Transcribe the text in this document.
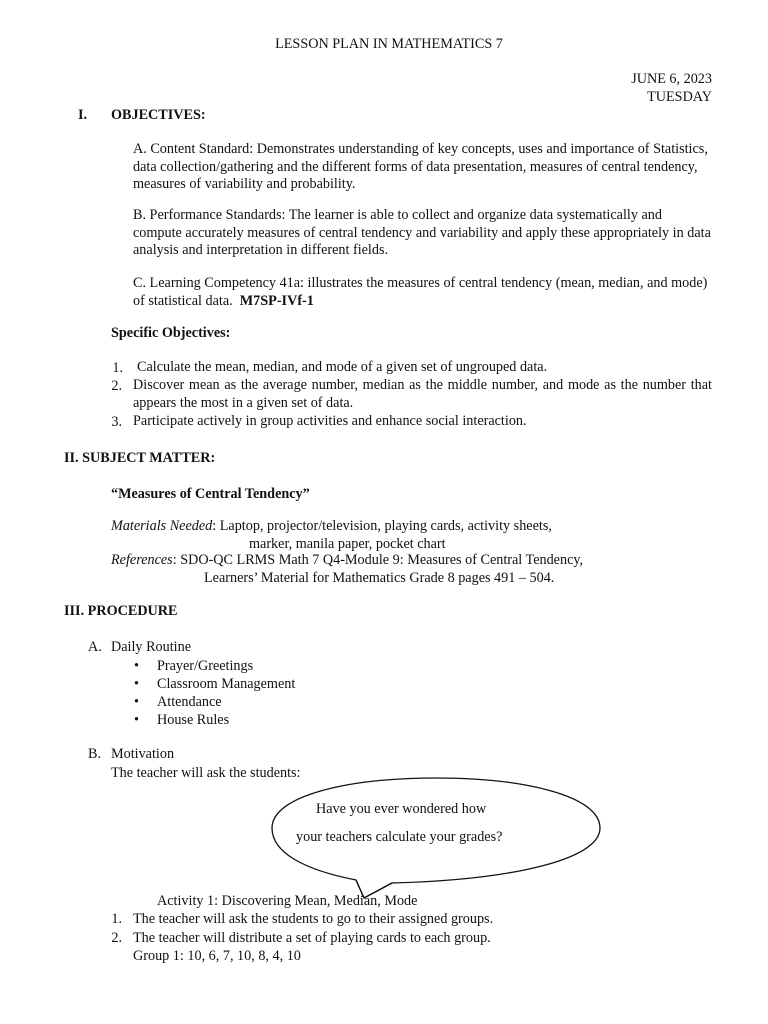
LESSON PLAN IN MATHEMATICS 7
JUNE 6, 2023
TUESDAY
I. OBJECTIVES:
A. Content Standard: Demonstrates understanding of key concepts, uses and importance of Statistics, data collection/gathering and the different forms of data presentation, measures of central tendency, measures of variability and probability.
B. Performance Standards: The learner is able to collect and organize data systematically and compute accurately measures of central tendency and variability and apply these appropriately in data analysis and interpretation in different fields.
C. Learning Competency 41a: illustrates the measures of central tendency (mean, median, and mode) of statistical data. M7SP-IVf-1
Specific Objectives:
1. Calculate the mean, median, and mode of a given set of ungrouped data.
2. Discover mean as the average number, median as the middle number, and mode as the number that appears the most in a given set of data.
3. Participate actively in group activities and enhance social interaction.
II. SUBJECT MATTER:
“Measures of Central Tendency”
Materials Needed: Laptop, projector/television, playing cards, activity sheets,
marker, manila paper, pocket chart
References: SDO-QC LRMS Math 7 Q4-Module 9: Measures of Central Tendency,
Learners’ Material for Mathematics Grade 8 pages 491 – 504.
III. PROCEDURE
A. Daily Routine
• Prayer/Greetings
• Classroom Management
• Attendance
• House Rules
B. Motivation
The teacher will ask the students:
Have you ever wondered how
your teachers calculate your grades?
Activity 1: Discovering Mean, Median, Mode
1. The teacher will ask the students to go to their assigned groups.
2. The teacher will distribute a set of playing cards to each group.
Group 1: 10, 6, 7, 10, 8, 4, 10
